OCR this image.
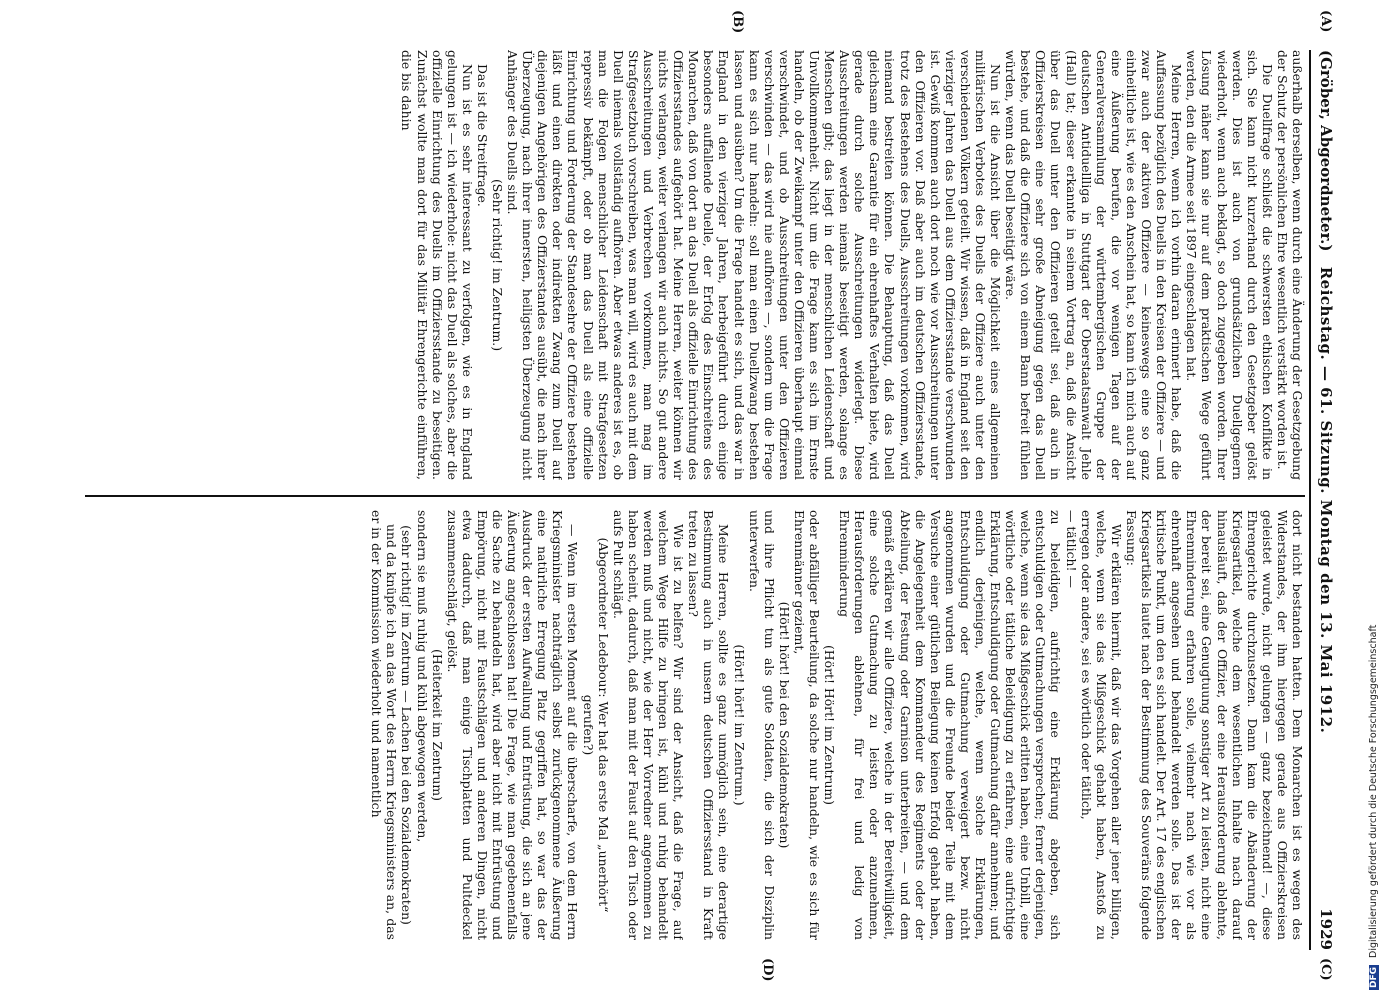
(Gröber, Abgeordneter.)
Reichstag. — 61. Sitzung. Montag den 13. Mai 1912.
1929
(A)
(B)
(C)
(D)

außerhalb derselben, wenn durch eine Änderung der Gesetzgebung der Schutz der persönlichen Ehre wesentlich verstärkt worden ist.

Die Duellfrage schließt die schwersten ethischen Konflikte in sich. Sie kann nicht kurzerhand durch den Gesetzgeber gelöst werden. Dies ist auch von grundsätzlichen Duellgegnern wiederholt, wenn auch beklagt, so doch zugegeben worden. Ihrer Lösung näher kann sie nur auf dem praktischen Wege geführt werden, den die Armee seit 1897 eingeschlagen hat.

Meine Herren, wenn ich vorhin daran erinnert habe, daß die Auffassung bezüglich des Duells in den Kreisen der Offiziere — und zwar auch der aktiven Offiziere — keineswegs eine so ganz einheitliche ist, wie es den Anschein hat, so kann ich mich auch auf eine Äußerung berufen, die vor wenigen Tagen auf der Generalversammlung der württembergischen Gruppe der deutschen Antiduellliga in Stuttgart der Oberstaatsanwalt Jehle (Hall) tat; dieser erkannte in seinem Vortrag an, daß die Ansicht über das Duell unter den Offizieren geteilt sei, daß auch in Offizierskreisen eine sehr große Abneigung gegen das Duell bestehe, und daß die Offiziere sich von einem Bann befreit fühlen würden, wenn das Duell beseitigt wäre.

Nun ist die Ansicht über die Möglichkeit eines allgemeinen militärischen Verbotes des Duells der Offiziere auch unter den verschiedenen Völkern geteilt. Wir wissen, daß in England seit den vierziger Jahren das Duell aus dem Offiziersstande verschwunden ist. Gewiß kommen auch dort noch wie vor Ausschreitungen unter den Offizieren vor. Daß aber auch im deutschen Offiziersstande, trotz des Bestehens des Duells, Ausschreitungen vorkommen, wird niemand bestreiten können. Die Behauptung, daß das Duell gleichsam eine Garantie für ein ehrenhaftes Verhalten biete, wird gerade durch solche Ausschreitungen widerlegt. Diese Ausschreitungen werden niemals beseitigt werden, solange es Menschen gibt; das liegt in der menschlichen Leidenschaft und Unvollkommenheit. Nicht um die Frage kann es sich im Ernste handeln, ob der Zweikampf unter den Offizieren überhaupt einmal verschwindet, und ob Ausschreitungen unter den Offizieren verschwinden — das wird nie aufhören —, sondern um die Frage kann es sich nur handeln: soll man einen Duellzwang bestehen lassen und ausüben? Um die Frage handelt es sich, und das war in England in den vierziger Jahren, herbeigeführt durch einige besonders auffallende Duelle, der Erfolg des Einschreitens des Monarchen, daß von dort an das Duell als offizielle Einrichtung des Offiziersstandes aufgehört hat. Meine Herren, weiter können wir nichts verlangen, weiter verlangen wir auch nichts. So gut andere Ausschreitungen und Verbrechen vorkommen, man mag im Strafgesetzbuch vorschreiben, was man will, wird es auch mit dem Duell niemals vollständig aufhören. Aber etwas anderes ist es, ob man die Folgen menschlicher Leidenschaft mit Strafgesetzen repressiv bekämpft, oder ob man das Duell als eine offizielle Einrichtung und Forderung der Standesehre der Offiziere bestehen läßt und einen direkten oder indirekten Zwang zum Duell auf diejenigen Angehörigen des Offizierstandes ausübt, die nach ihrer Überzeugung, nach ihrer innersten, heiligsten Überzeugung nicht Anhänger des Duells sind.

(Sehr richtig! im Zentrum.)

Das ist die Streitfrage.

Nun ist es sehr interessant zu verfolgen, wie es in England gelungen ist — ich wiederhole: nicht das Duell als solches, aber die offizielle Einrichtung des Duells im Offiziersstande zu beseitigen. Zunächst wollte man dort für das Militär Ehrengerichte einführen, die bis dahin

dort nicht bestanden hatten. Dem Monarchen ist es wegen des Widerstandes, der ihm hiergegen gerade aus Offizierskreisen geleistet wurde, nicht gelungen — ganz bezeichnend! —, diese Ehrengerichte durchzusetzen. Dann kam die Abänderung der Kriegsartikel, welche dem wesentlichen Inhalte nach darauf hinausläuft, daß der Offizier, der eine Herausforderung ablehnte, der bereit sei, eine Genugtuung sonstiger Art zu leisten, nicht eine Ehrenminderung erfahren solle, vielmehr nach wie vor als ehrenhaft angesehen und behandelt werden solle. Das ist der kritische Punkt, um den es sich handelt. Der Art. 17 des englischen Kriegsartikels lautet nach der Bestimmung des Souveräns folgende Fassung:

Wir erklären hiermit, daß wir das Vorgehen aller jener billigen, welche, wenn sie das Mißgeschick gehabt haben, Anstoß zu erregen oder andere, sei es wörtlich oder tätlich,

— tätlich! —

zu beleidigen, aufrichtig eine Erklärung abgeben, sich entschuldigen oder Gutmachungen versprechen; ferner derjenigen, welche, wenn sie das Mißgeschick erlitten haben, eine Unbill, eine wörtliche oder tätliche Beleidigung zu erfahren, eine aufrichtige Erklärung, Entschuldigung oder Gutmachung dafür annehmen; und endlich derjenigen, welche, wenn solche Erklärungen, Entschuldigung oder Gutmachung verweigert bezw. nicht angenommen wurden und die Freunde beider Teile mit dem Versuche einer gütlichen Beilegung keinen Erfolg gehabt haben, die Angelegenheit dem Kommandeur des Regiments oder der Abteilung, der Festung oder Garnison unterbreiten, — und dem gemäß erklären wir alle Offiziere, welche in der Bereitwilligkeit, eine solche Gutmachung zu leisten oder anzunehmen, Herausforderungen ablehnen, für frei und ledig von Ehrenminderung

(Hört! Hört! im Zentrum)

oder abfälliger Beurteilung, da solche nur handeln, wie es sich für Ehrenmänner geziemt,

(Hört! hört! bei den Sozialdemokraten)

und ihre Pflicht tun als gute Soldaten, die sich der Disziplin unterwerfen.

(Hört! hört! im Zentrum.)

Meine Herren, sollte es ganz unmöglich sein, eine derartige Bestimmung auch in unsern deutschen Offiziersstand in Kraft treten zu lassen?

Wie ist zu helfen? Wir sind der Ansicht, daß die Frage, auf welchem Wege Hilfe zu bringen ist, kühl und ruhig behandelt werden muß und nicht, wie der Herr Vorredner angenommen zu haben scheint, dadurch, daß man mit der Faust auf den Tisch oder aufs Pult schlägt.

(Abgeordneter Ledebour: Wer hat das erste Mal „unerhört“ gerufen?)

— Wenn im ersten Moment auf die überscharfe, von dem Herrn Kriegsminister nachträglich selbst zurückgenommene Äußerung eine natürliche Erregung Platz gegriffen hat, so war das der Ausdruck der ersten Aufwallung und Entrüstung, die sich an jene Äußerung angeschlossen hat! Die Frage, wie man gegebenenfalls die Sache zu behandeln hat, wird aber nicht mit Entrüstung und Empörung, nicht mit Faustschlägen und anderen Dingen, nicht etwa dadurch, daß man einige Tischplatten und Pultdeckel zusammenschlägt, gelöst.

(Heiterkeit im Zentrum)

sondern sie muß ruhig und kühl abgewogen werden,

(sehr richtig! im Zentrum — Lachen bei den Sozialdemokraten)

und da knüpfe ich an das Wort des Herrn Kriegsministers an, das er in der Kommission wiederholt und namentlich

DFG Digitalisierung gefördert durch die Deutsche Forschungsgemeinschaft
